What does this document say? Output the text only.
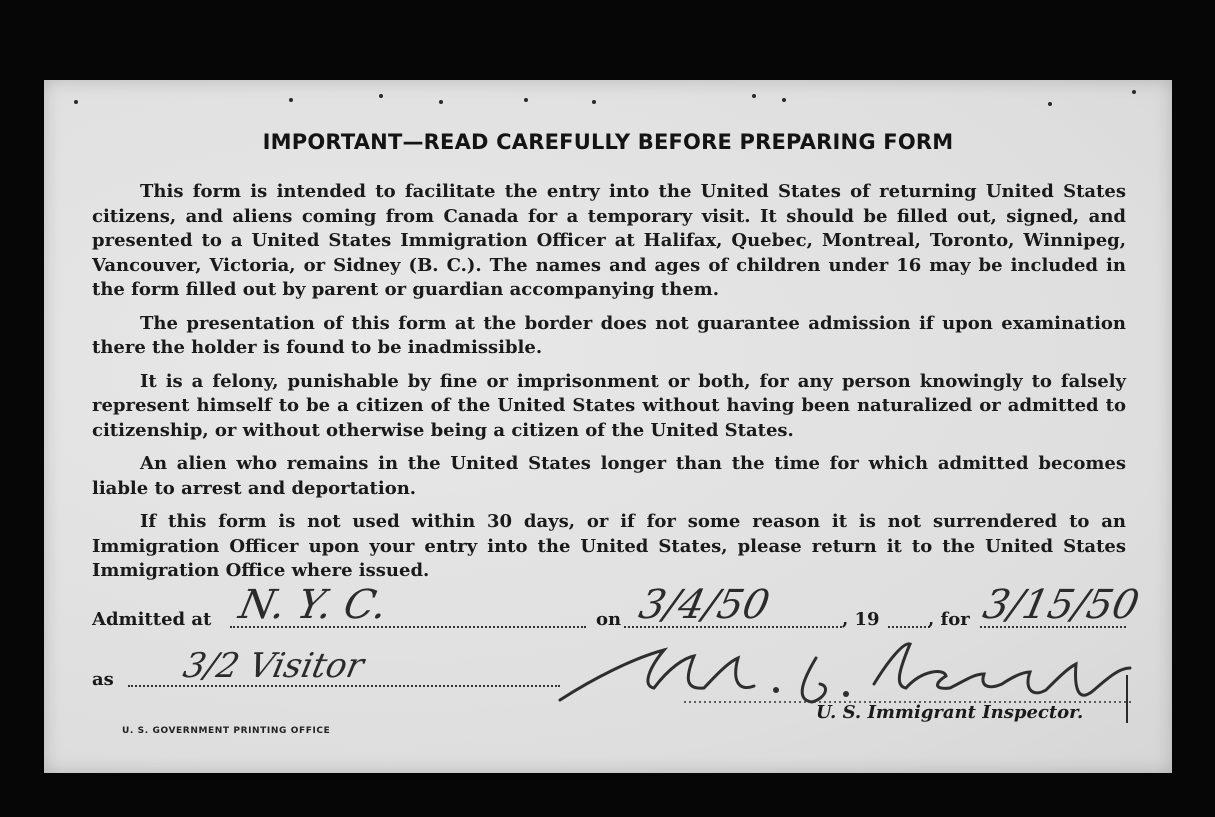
IMPORTANT—READ CAREFULLY BEFORE PREPARING FORM

This form is intended to facilitate the entry into the United States of returning United States citizens, and aliens coming from Canada for a temporary visit. It should be filled out, signed, and presented to a United States Immigration Officer at Halifax, Quebec, Montreal, Toronto, Winnipeg, Vancouver, Victoria, or Sidney (B. C.). The names and ages of children under 16 may be included in the form filled out by parent or guardian accompanying them.

The presentation of this form at the border does not guarantee admission if upon examination there the holder is found to be inadmissible.

It is a felony, punishable by fine or imprisonment or both, for any person knowingly to falsely represent himself to be a citizen of the United States without having been naturalized or admitted to citizenship, or without otherwise being a citizen of the United States.

An alien who remains in the United States longer than the time for which admitted becomes liable to arrest and deportation.

If this form is not used within 30 days, or if for some reason it is not surrendered to an Immigration Officer upon your entry into the United States, please return it to the United States Immigration Office where issued.

Admitted at N. Y. C.	on 3/4/50	, 19	, for 3/15/50
as 3/2 Visitor
U. S. Immigrant Inspector.
U. S. GOVERNMENT PRINTING OFFICE
